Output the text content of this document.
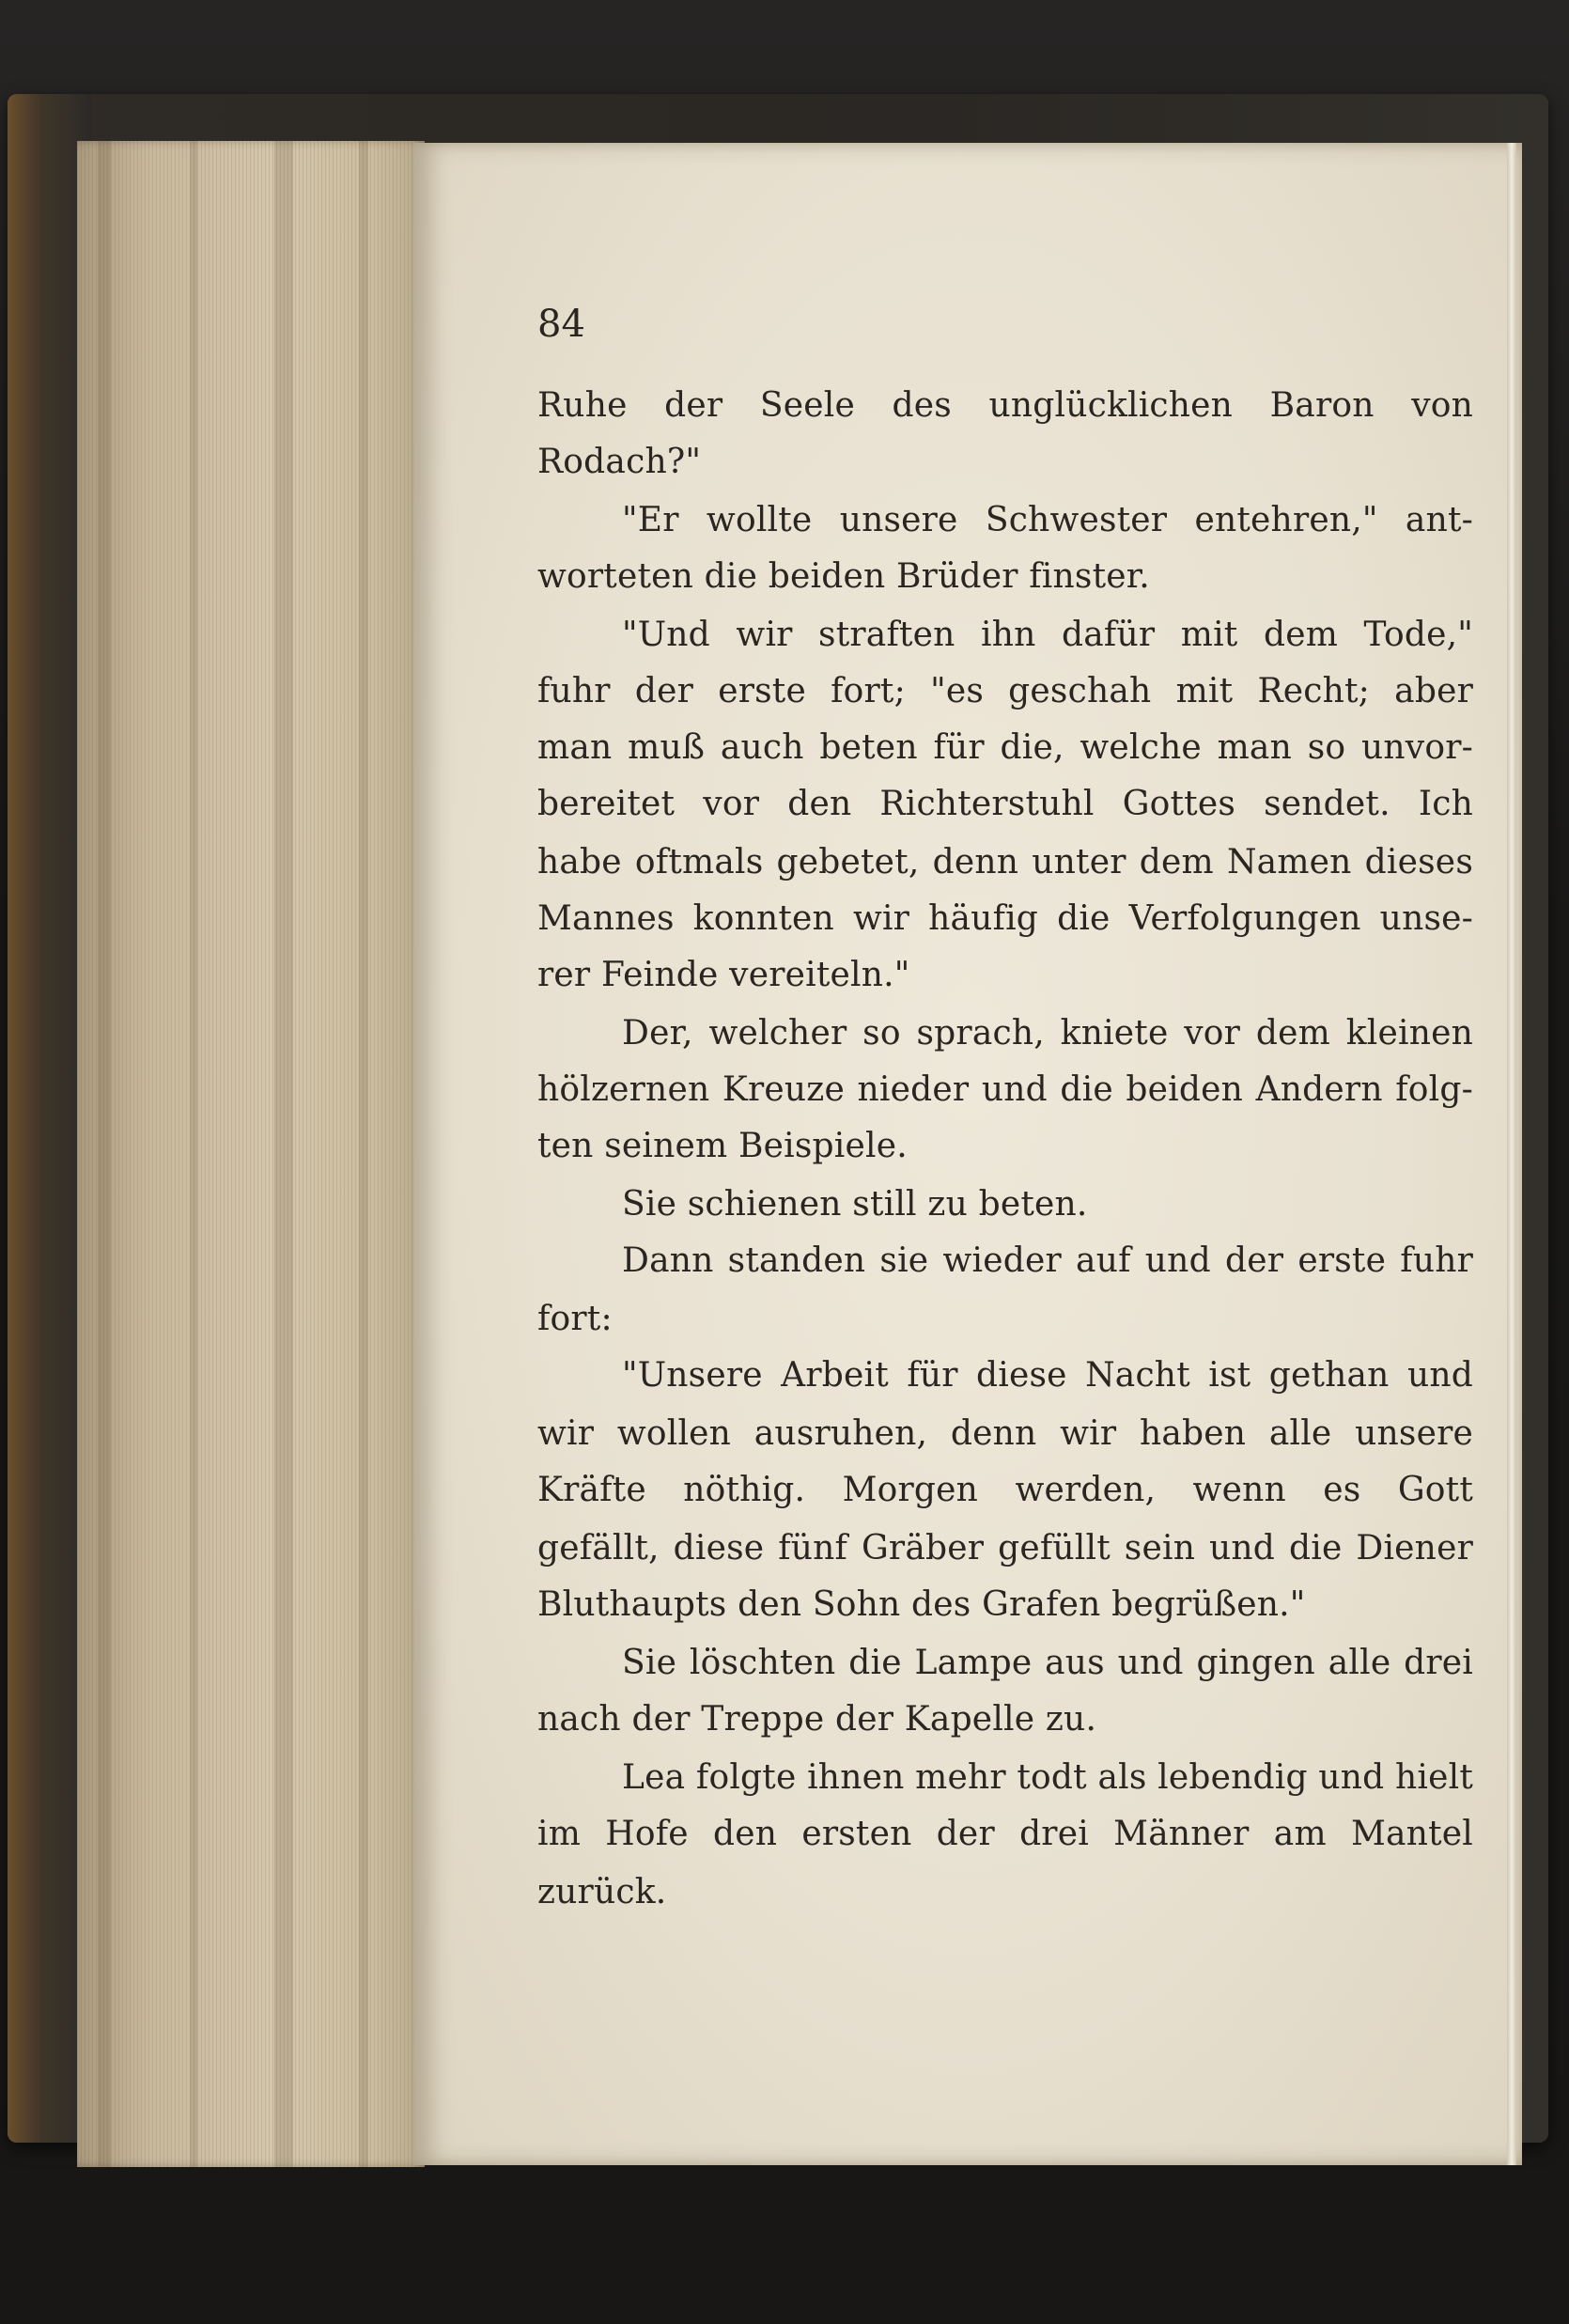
84
Ruhe der Seele des unglücklichen Baron von
Rodach?"
"Er wollte unsere Schwester entehren," ant-
worteten die beiden Brüder finster.
"Und wir straften ihn dafür mit dem Tode,"
fuhr der erste fort; "es geschah mit Recht; aber
man muß auch beten für die, welche man so unvor-
bereitet vor den Richterstuhl Gottes sendet. Ich
habe oftmals gebetet, denn unter dem Namen dieses
Mannes konnten wir häufig die Verfolgungen unse-
rer Feinde vereiteln."
Der, welcher so sprach, kniete vor dem kleinen
hölzernen Kreuze nieder und die beiden Andern folg-
ten seinem Beispiele.
Sie schienen still zu beten.
Dann standen sie wieder auf und der erste fuhr
fort:
"Unsere Arbeit für diese Nacht ist gethan und
wir wollen ausruhen, denn wir haben alle unsere
Kräfte nöthig. Morgen werden, wenn es Gott
gefällt, diese fünf Gräber gefüllt sein und die Diener
Bluthaupts den Sohn des Grafen begrüßen."
Sie löschten die Lampe aus und gingen alle drei
nach der Treppe der Kapelle zu.
Lea folgte ihnen mehr todt als lebendig und hielt
im Hofe den ersten der drei Männer am Mantel
zurück.
